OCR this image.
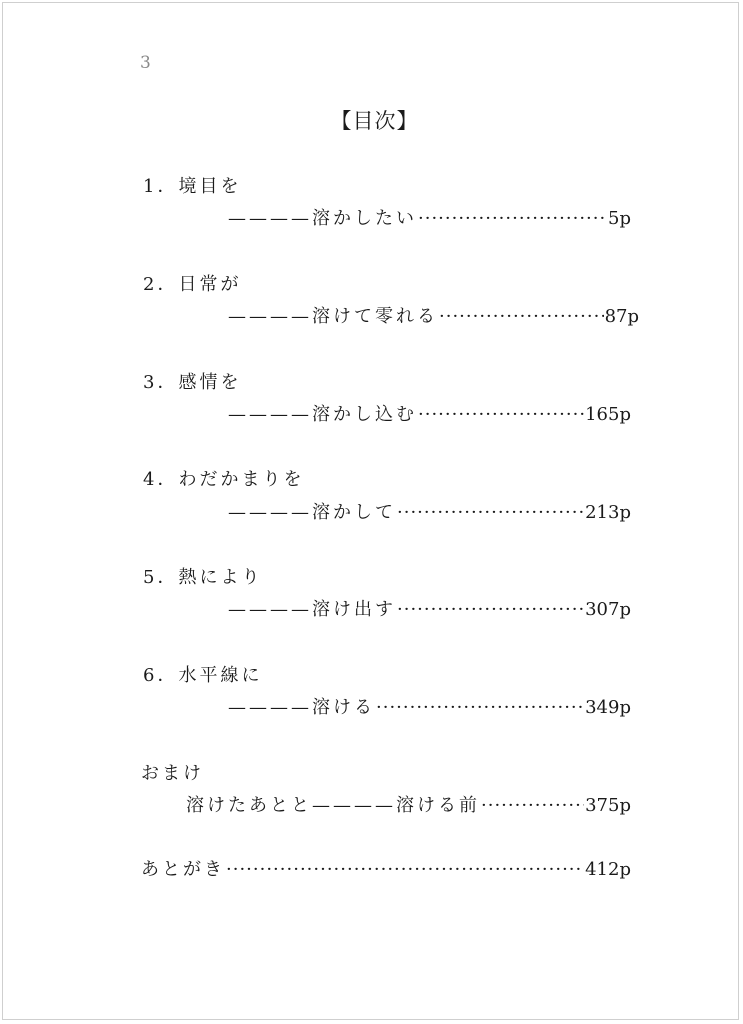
3
【目次】
1．境目を
———— 溶かしたい ·····	5p
2．日常が
———— 溶けて零れる ·····	87p
3．感情を
———— 溶かし込む ·····	165p
4．わだかまりを
———— 溶かして ·····	213p
5．熱により
———— 溶け出す ·····	307p
6．水平線に
———— 溶ける ·····	349p
おまけ
溶けたあとと————溶ける前 ·····	375p
あとがき ·····	412p
